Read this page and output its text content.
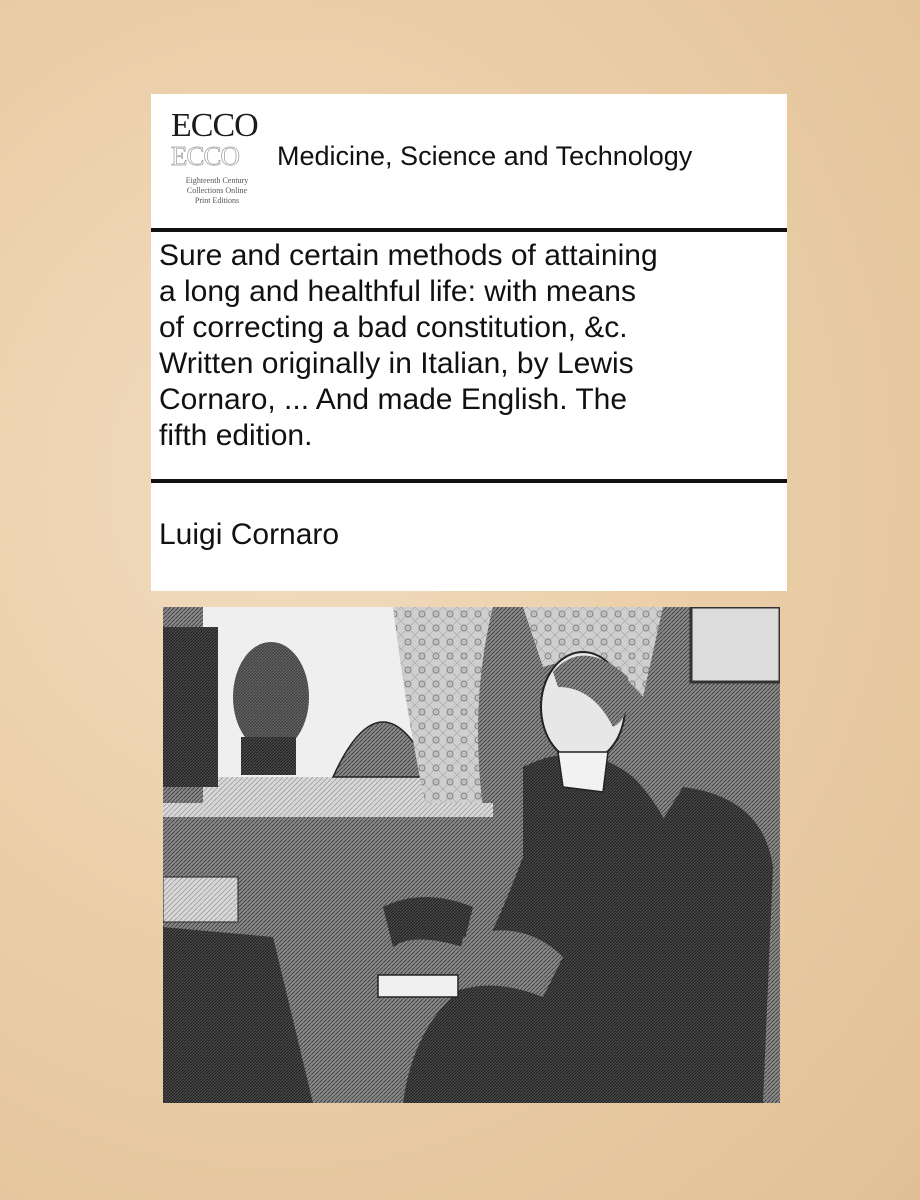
ECCO
ECCO
Eighteenth Century
Collections Online
Print Editions
Medicine, Science and Technology
Sure and certain methods of attaining
a long and healthful life: with means
of correcting a bad constitution, &c.
Written originally in Italian, by Lewis
Cornaro, ... And made English. The
fifth edition.
Luigi Cornaro
